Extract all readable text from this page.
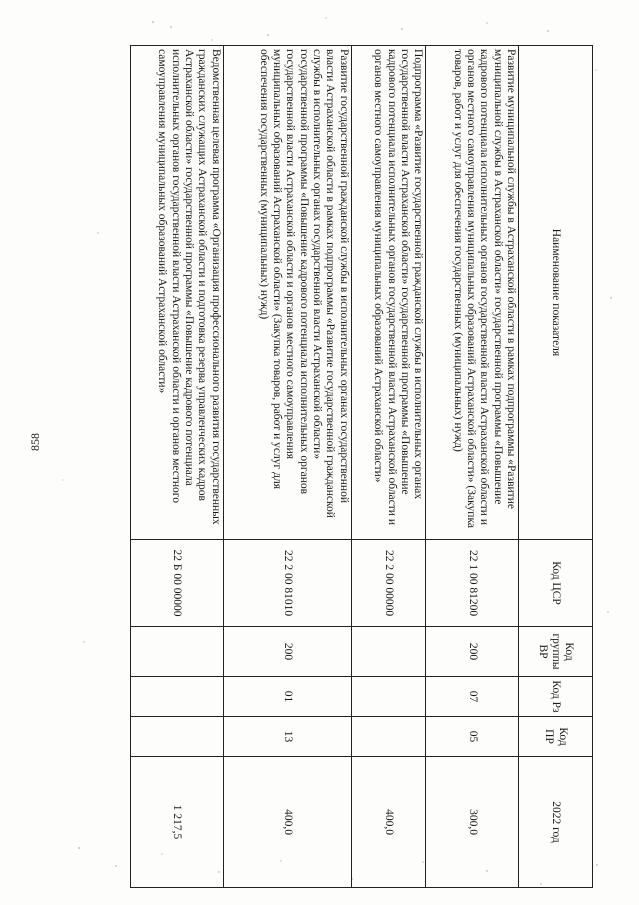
858
Наименование показателя	Код ЦСР	Код группы ВР	Код Рз	Код ПР	2022 год
Развитие муниципальной службы в Астраханской области в рамках подпрограммы «Развитие муниципальной службы в Астраханской области» государственной программы «Повышение кадрового потенциала исполнительных органов государственной власти Астраханской области и органов местного самоуправления муниципальных образований Астраханской области» (Закупка товаров, работ и услуг для обеспечения государственных (муниципальных) нужд)	22 1 00 81200	200	07	05	300,0
Подпрограмма «Развитие государственной гражданской службы в исполнительных органах государственной власти Астраханской области» государственной программы «Повышение кадрового потенциала исполнительных органов государственной власти Астраханской области и органов местного самоуправления муниципальных образований Астраханской области»	22 2 00 00000				400,0
Развитие государственной гражданской службы в исполнительных органах государственной власти Астраханской области в рамках подпрограммы «Развитие государственной гражданской службы в исполнительных органах государственной власти Астраханской области» государственной программы «Повышение кадрового потенциала исполнительных органов государственной власти Астраханской области и органов местного самоуправления муниципальных образований Астраханской области» (Закупка товаров, работ и услуг для обеспечения государственных (муниципальных) нужд)	22 2 00 81010	200	01	13	400,0
Ведомственная целевая программа «Организация профессионального развития государственных гражданских служащих Астраханской области и подготовка резерва управленческих кадров Астраханской области» государственной программы «Повышение кадрового потенциала исполнительных органов государственной власти Астраханской области и органов местного самоуправления муниципальных образований Астраханской области»	22 Б 00 00000				1 217,5
